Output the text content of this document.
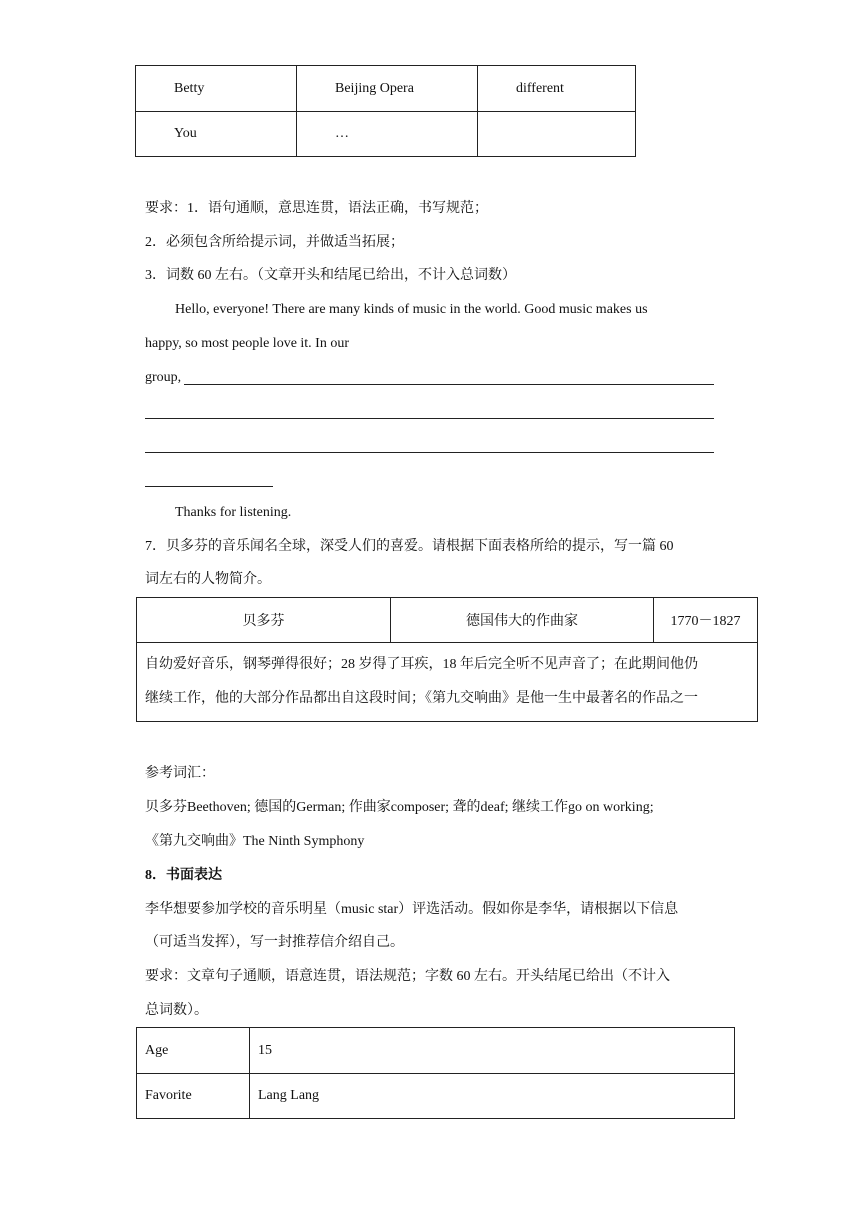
Betty	Beijing Opera	different
You	…	
要求：1．语句通顺，意思连贯，语法正确，书写规范；
2．必须包含所给提示词，并做适当拓展；
3．词数 60 左右。（文章开头和结尾已给出，不计入总词数）
Hello, everyone! There are many kinds of music in the world. Good music makes us
happy, so most people love it. In our
group,
Thanks for listening.
7．贝多芬的音乐闻名全球，深受人们的喜爱。请根据下面表格所给的提示，写一篇 60
词左右的人物简介。
贝多芬	德国伟大的作曲家	1770－1827

自幼爱好音乐，钢琴弹得很好；28 岁得了耳疾，18 年后完全听不见声音了；在此期间他仍
继续工作，他的大部分作品都出自这段时间；《第九交响曲》是他一生中最著名的作品之一
参考词汇：
贝多芬Beethoven; 德国的German; 作曲家composer; 聋的deaf; 继续工作go on working;
《第九交响曲》The Ninth Symphony
8．书面表达
李华想要参加学校的音乐明星（music star）评选活动。假如你是李华，请根据以下信息
（可适当发挥），写一封推荐信介绍自己。
要求：文章句子通顺，语意连贯，语法规范；字数 60 左右。开头结尾已给出（不计入
总词数）。
Age	15
Favorite	Lang Lang
